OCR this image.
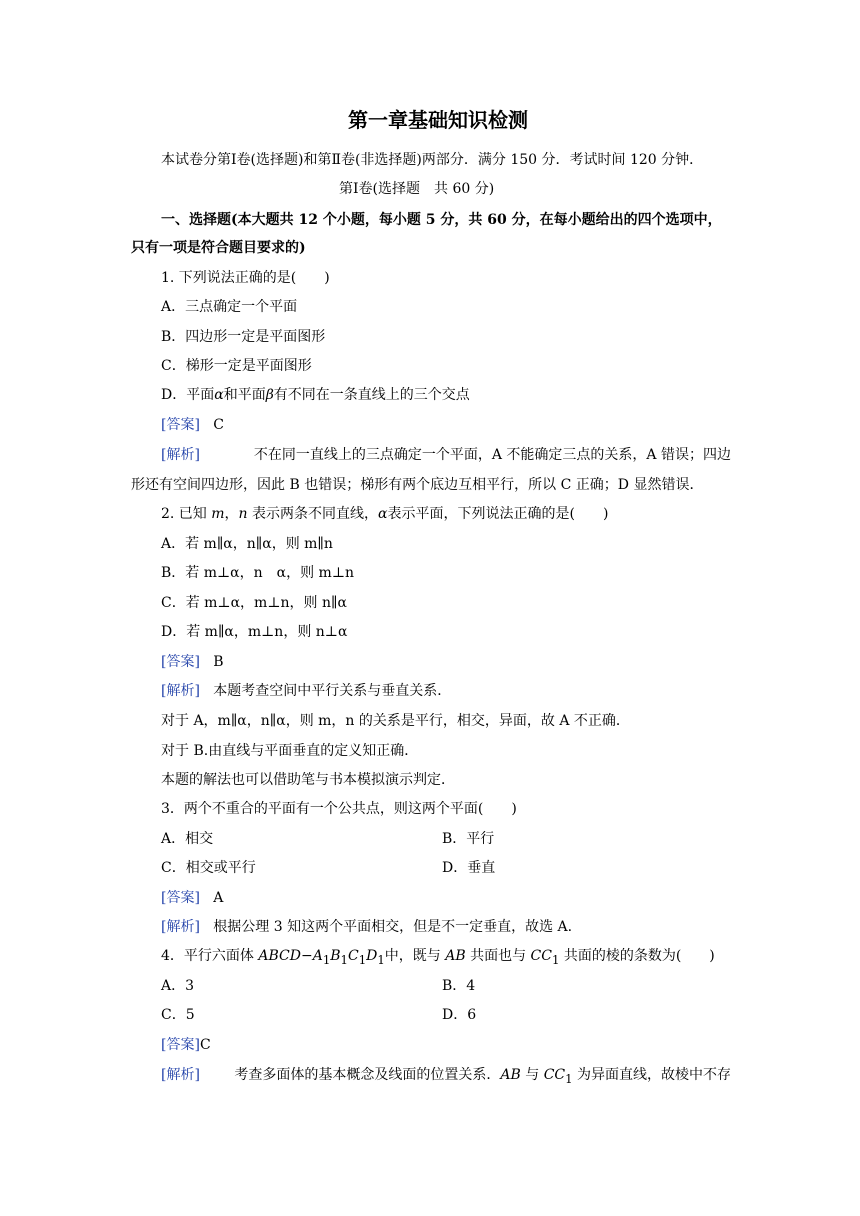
第一章基础知识检测
本试卷分第Ⅰ卷(选择题)和第Ⅱ卷(非选择题)两部分．满分 150 分．考试时间 120 分钟．
第Ⅰ卷(选择题　共 60 分)
一、选择题(本大题共 12 个小题，每小题 5 分，共 60 分，在每小题给出的四个选项中，
只有一项是符合题目要求的)
1. 下列说法正确的是(　　)
A．三点确定一个平面
B．四边形一定是平面图形
C．梯形一定是平面图形
D．平面α和平面β有不同在一条直线上的三个交点
[答案] C
[解析]	不在同一直线上的三点确定一个平面，A 不能确定三点的关系，A 错误；四边
形还有空间四边形，因此 B 也错误；梯形有两个底边互相平行，所以 C 正确；D 显然错误．
2. 已知 m，n 表示两条不同直线，α表示平面，下列说法正确的是(　　)
A．若 m∥α，n∥α，则 m∥n
B．若 m⊥α，n　α，则 m⊥n
C．若 m⊥α，m⊥n，则 n∥α
D．若 m∥α，m⊥n，则 n⊥α
[答案] B
[解析] 本题考查空间中平行关系与垂直关系．
对于 A，m∥α，n∥α，则 m，n 的关系是平行，相交，异面，故 A 不正确．
对于 B.由直线与平面垂直的定义知正确．
本题的解法也可以借助笔与书本模拟演示判定．
3．两个不重合的平面有一个公共点，则这两个平面(　　)
A．相交	B．平行
C．相交或平行	D．垂直
[答案] A
[解析] 根据公理 3 知这两个平面相交，但是不一定垂直，故选 A.
4．平行六面体 $ABCD-A_1B_1C_1D_1$中，既与 AB 共面也与 $CC_1$ 共面的棱的条数为(　　)
A．3	B．4
C．5	D．6
[答案]C
[解析] 考查多面体的基本概念及线面的位置关系．AB 与 $CC_1$ 为异面直线，故棱中不存
